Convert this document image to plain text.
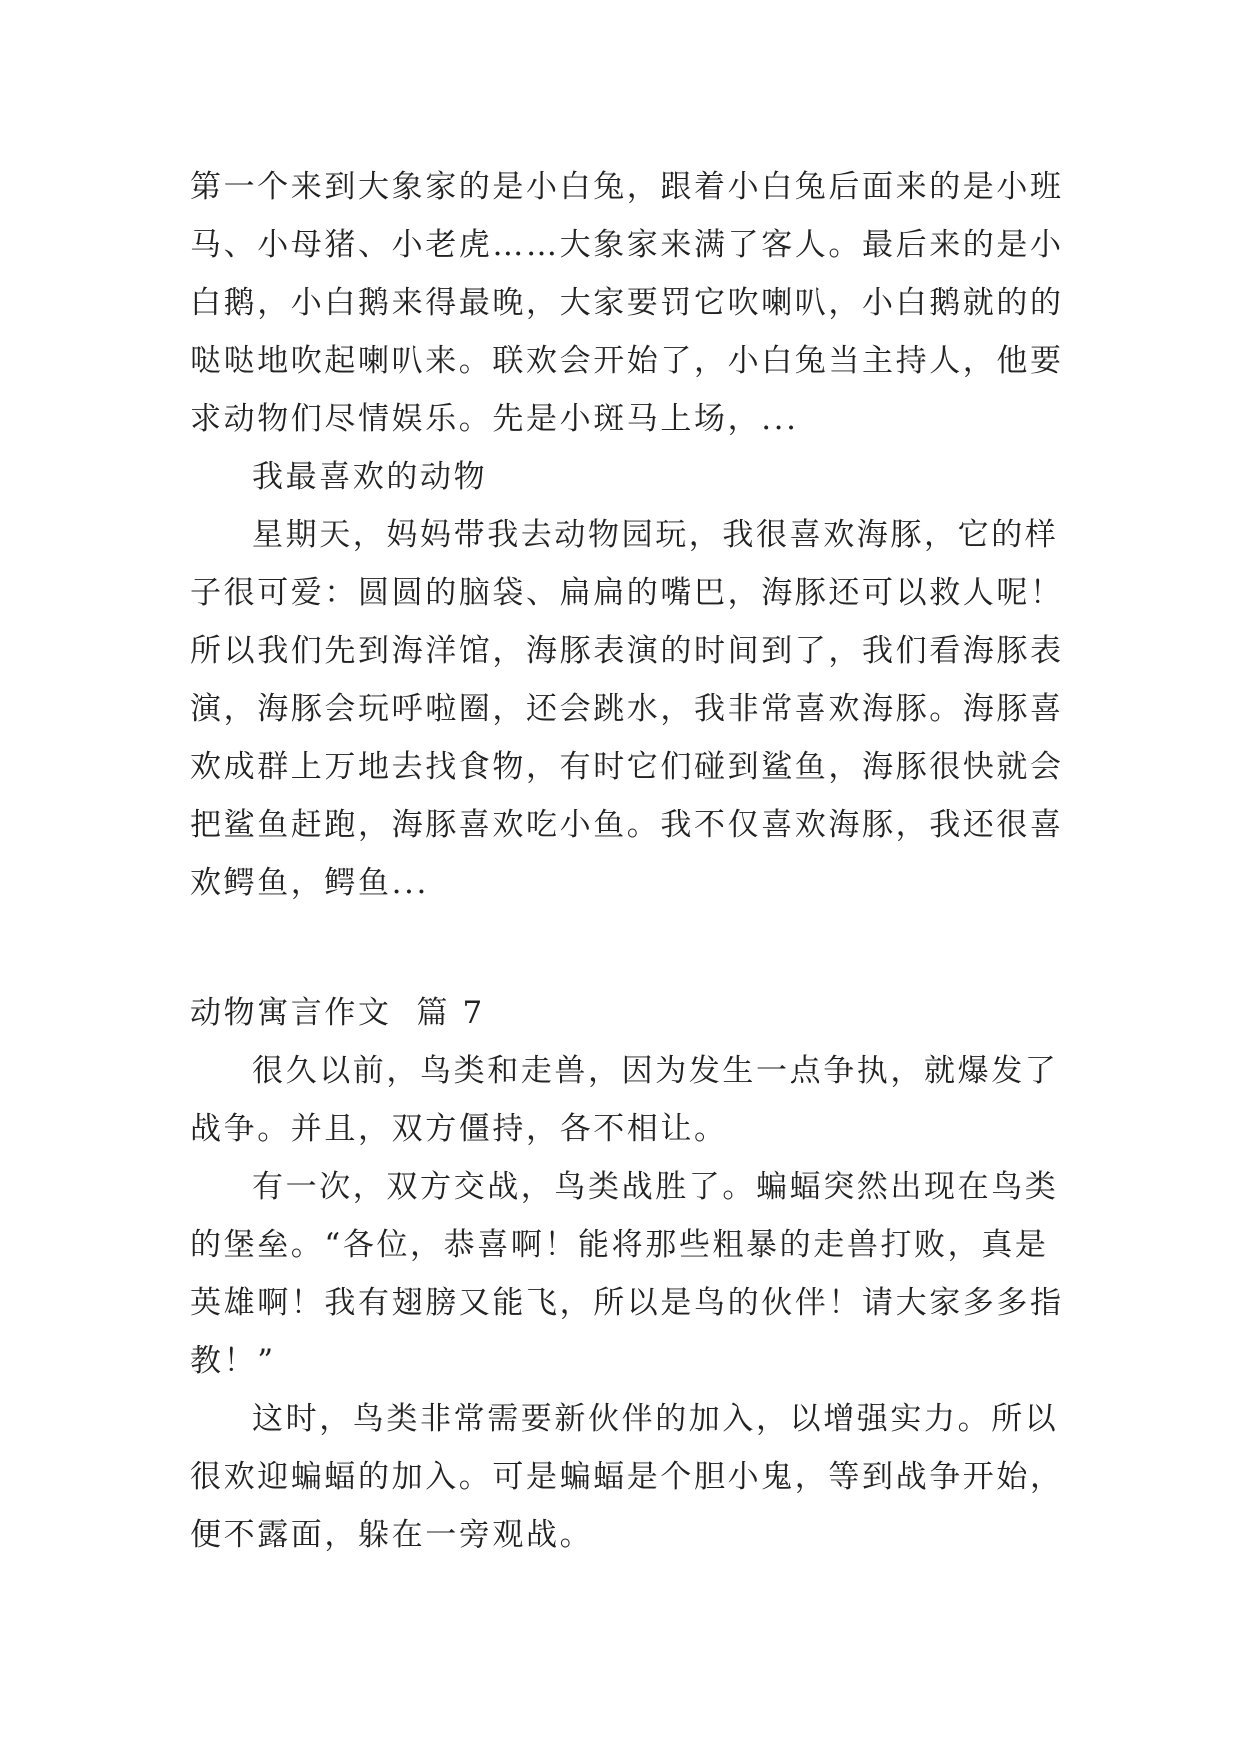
第一个来到大象家的是小白兔，跟着小白兔后面来的是小班
马、小母猪、小老虎……大象家来满了客人。最后来的是小
白鹅，小白鹅来得最晚，大家要罚它吹喇叭，小白鹅就的的
哒哒地吹起喇叭来。联欢会开始了，小白兔当主持人，他要
求动物们尽情娱乐。先是小斑马上场，...
我最喜欢的动物
星期天，妈妈带我去动物园玩，我很喜欢海豚，它的样
子很可爱：圆圆的脑袋、扁扁的嘴巴，海豚还可以救人呢！
所以我们先到海洋馆，海豚表演的时间到了，我们看海豚表
演，海豚会玩呼啦圈，还会跳水，我非常喜欢海豚。海豚喜
欢成群上万地去找食物，有时它们碰到鲨鱼，海豚很快就会
把鲨鱼赶跑，海豚喜欢吃小鱼。我不仅喜欢海豚，我还很喜
欢鳄鱼，鳄鱼...
动物寓言作文  篇 7
很久以前，鸟类和走兽，因为发生一点争执，就爆发了
战争。并且，双方僵持，各不相让。
有一次，双方交战，鸟类战胜了。蝙蝠突然出现在鸟类
的堡垒。“各位，恭喜啊！能将那些粗暴的走兽打败，真是
英雄啊！我有翅膀又能飞，所以是鸟的伙伴！请大家多多指
教！”
这时，鸟类非常需要新伙伴的加入，以增强实力。所以
很欢迎蝙蝠的加入。可是蝙蝠是个胆小鬼，等到战争开始，
便不露面，躲在一旁观战。
